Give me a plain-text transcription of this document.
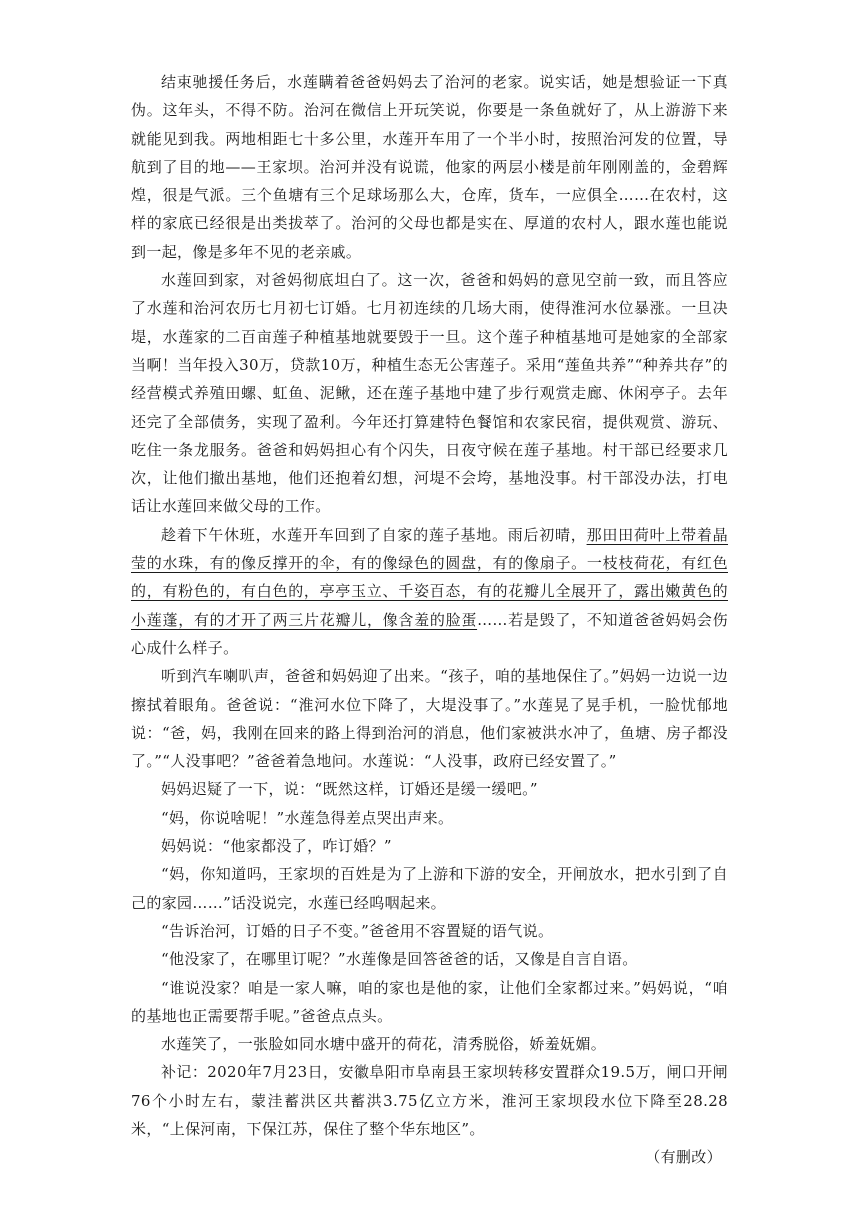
结束驰援任务后，水莲瞒着爸爸妈妈去了治河的老家。说实话，她是想验证一下真伪。这年头，不得不防。治河在微信上开玩笑说，你要是一条鱼就好了，从上游游下来就能见到我。两地相距七十多公里，水莲开车用了一个半小时，按照治河发的位置，导航到了目的地——王家坝。治河并没有说谎，他家的两层小楼是前年刚刚盖的，金碧辉煌，很是气派。三个鱼塘有三个足球场那么大，仓库，货车，一应俱全……在农村，这样的家底已经很是出类拔萃了。治河的父母也都是实在、厚道的农村人，跟水莲也能说到一起，像是多年不见的老亲戚。

水莲回到家，对爸妈彻底坦白了。这一次，爸爸和妈妈的意见空前一致，而且答应了水莲和治河农历七月初七订婚。七月初连续的几场大雨，使得淮河水位暴涨。一旦决堤，水莲家的二百亩莲子种植基地就要毁于一旦。这个莲子种植基地可是她家的全部家当啊！当年投入30万，贷款10万，种植生态无公害莲子。采用“莲鱼共养”“种养共存”的经营模式养殖田螺、虹鱼、泥鳅，还在莲子基地中建了步行观赏走廊、休闲亭子。去年还完了全部债务，实现了盈利。今年还打算建特色餐馆和农家民宿，提供观赏、游玩、吃住一条龙服务。爸爸和妈妈担心有个闪失，日夜守候在莲子基地。村干部已经要求几次，让他们撤出基地，他们还抱着幻想，河堤不会垮，基地没事。村干部没办法，打电话让水莲回来做父母的工作。

趁着下午休班，水莲开车回到了自家的莲子基地。雨后初晴，那田田荷叶上带着晶莹的水珠，有的像反撑开的伞，有的像绿色的圆盘，有的像扇子。一枝枝荷花，有红色的，有粉色的，有白色的，亭亭玉立、千姿百态，有的花瓣儿全展开了，露出嫩黄色的小莲蓬，有的才开了两三片花瓣儿，像含羞的脸蛋……若是毁了，不知道爸爸妈妈会伤心成什么样子。

听到汽车喇叭声，爸爸和妈妈迎了出来。“孩子，咱的基地保住了。”妈妈一边说一边擦拭着眼角。爸爸说：“淮河水位下降了，大堤没事了。”水莲晃了晃手机，一脸忧郁地说：“爸，妈，我刚在回来的路上得到治河的消息，他们家被洪水冲了，鱼塘、房子都没了。”“人没事吧？”爸爸着急地问。水莲说：“人没事，政府已经安置了。”

妈妈迟疑了一下，说：“既然这样，订婚还是缓一缓吧。”

“妈，你说啥呢！”水莲急得差点哭出声来。

妈妈说：“他家都没了，咋订婚？”

“妈，你知道吗，王家坝的百姓是为了上游和下游的安全，开闸放水，把水引到了自己的家园……”话没说完，水莲已经呜咽起来。

“告诉治河，订婚的日子不变。”爸爸用不容置疑的语气说。

“他没家了，在哪里订呢？”水莲像是回答爸爸的话，又像是自言自语。

“谁说没家？咱是一家人嘛，咱的家也是他的家，让他们全家都过来。”妈妈说，“咱的基地也正需要帮手呢。”爸爸点点头。

水莲笑了，一张脸如同水塘中盛开的荷花，清秀脱俗，娇羞妩媚。

补记：2020年7月23日，安徽阜阳市阜南县王家坝转移安置群众19.5万，闸口开闸76个小时左右，蒙洼蓄洪区共蓄洪3.75亿立方米，淮河王家坝段水位下降至28.28米，“上保河南，下保江苏，保住了整个华东地区”。

（有删改）
